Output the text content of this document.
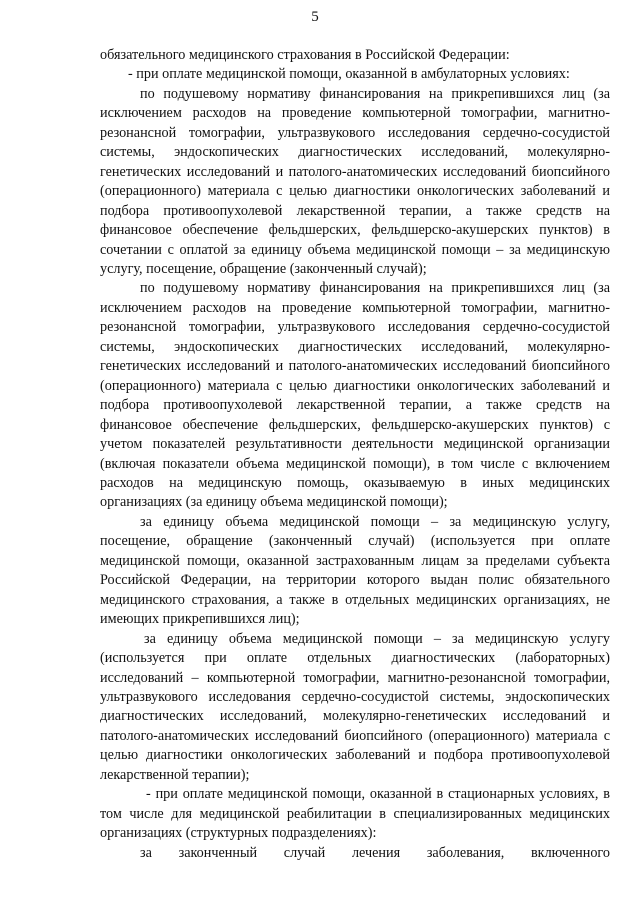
5

обязательного медицинского страхования в Российской Федерации:

- при оплате медицинской помощи, оказанной в амбулаторных условиях:

по подушевому нормативу финансирования на прикрепившихся лиц (за исключением расходов на проведение компьютерной томографии, магнитно-резонансной томографии, ультразвукового исследования сердечно-сосудистой системы, эндоскопических диагностических исследований, молекулярно-генетических исследований и патолого-анатомических исследований биопсийного (операционного) материала с целью диагностики онкологических заболеваний и подбора противоопухолевой лекарственной терапии, а также средств на финансовое обеспечение фельдшерских, фельдшерско-акушерских пунктов) в сочетании с оплатой за единицу объема медицинской помощи – за медицинскую услугу, посещение, обращение (законченный случай);

по подушевому нормативу финансирования на прикрепившихся лиц (за исключением расходов на проведение компьютерной томографии, магнитно-резонансной томографии, ультразвукового исследования сердечно-сосудистой системы, эндоскопических диагностических исследований, молекулярно-генетических исследований и патолого-анатомических исследований биопсийного (операционного) материала с целью диагностики онкологических заболеваний и подбора противоопухолевой лекарственной терапии, а также средств на финансовое обеспечение фельдшерских, фельдшерско-акушерских пунктов) с учетом показателей результативности деятельности медицинской организации (включая показатели объема медицинской помощи), в том числе с включением расходов на медицинскую помощь, оказываемую в иных медицинских организациях (за единицу объема медицинской помощи);

за единицу объема медицинской помощи – за медицинскую услугу, посещение, обращение (законченный случай) (используется при оплате медицинской помощи, оказанной застрахованным лицам за пределами субъекта Российской Федерации, на территории которого выдан полис обязательного медицинского страхования, а также в отдельных медицинских организациях, не имеющих прикрепившихся лиц);

за единицу объема медицинской помощи – за медицинскую услугу (используется при оплате отдельных диагностических (лабораторных) исследований – компьютерной томографии, магнитно-резонансной томографии, ультразвукового исследования сердечно-сосудистой системы, эндоскопических диагностических исследований, молекулярно-генетических исследований и патолого-анатомических исследований биопсийного (операционного) материала с целью диагностики онкологических заболеваний и подбора противоопухолевой лекарственной терапии);

- при оплате медицинской помощи, оказанной в стационарных условиях, в том числе для медицинской реабилитации в специализированных медицинских организациях (структурных подразделениях):

за законченный случай лечения заболевания, включенного
